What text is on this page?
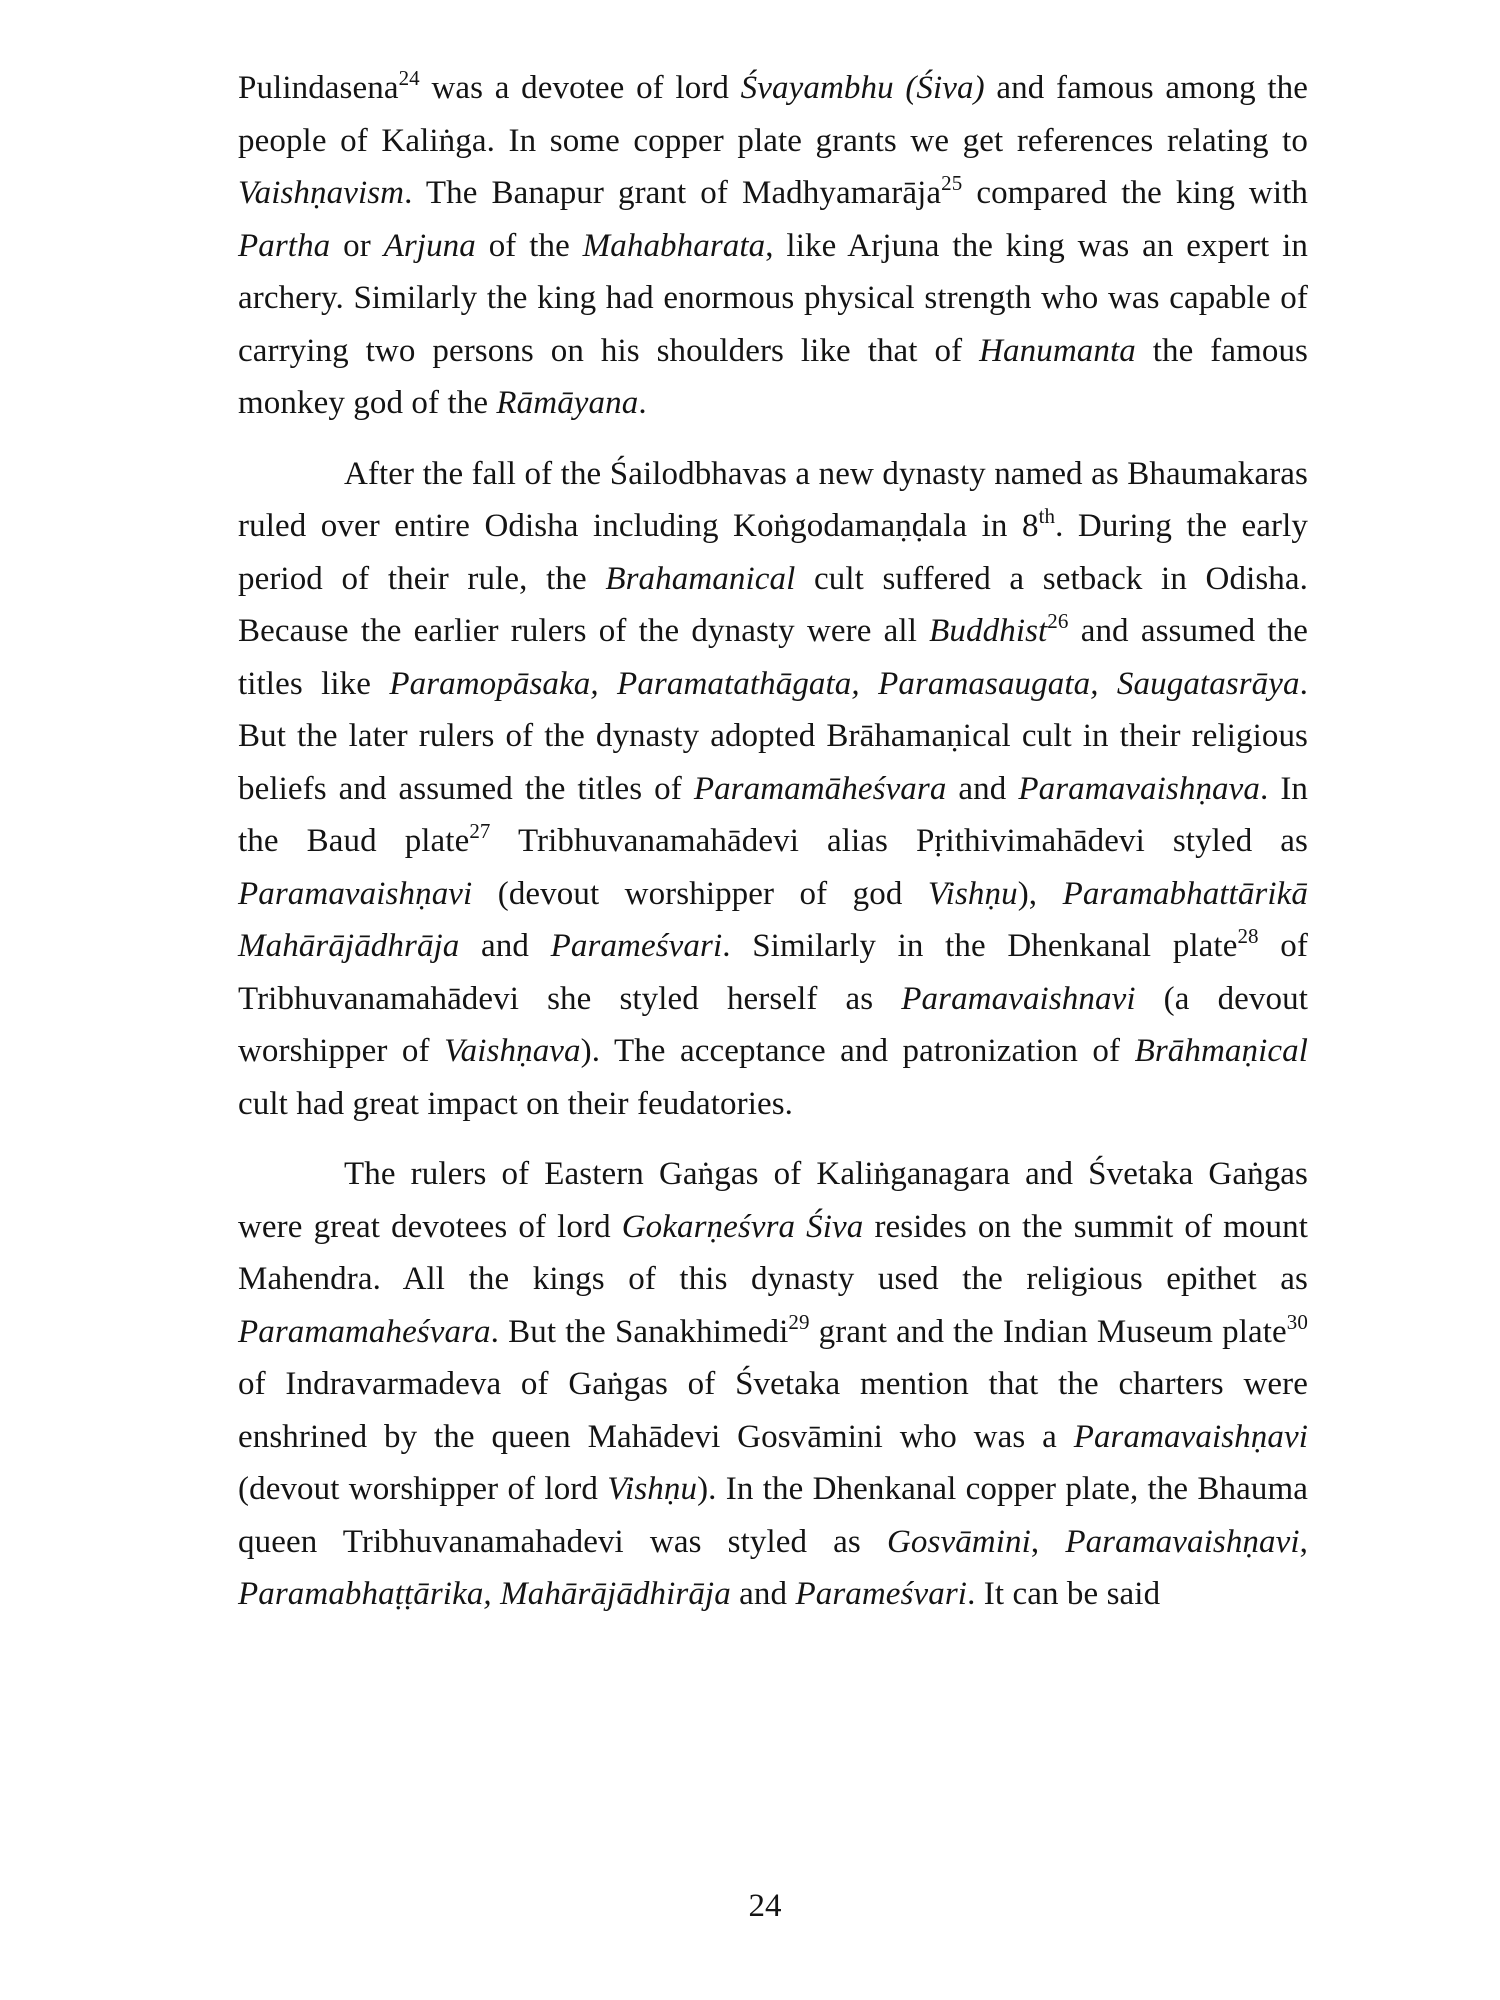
Pulindasena$^{24}$ was a devotee of lord Śvayambhu (Śiva) and famous among the people of Kaliṅga. In some copper plate grants we get references relating to Vaishṇavism. The Banapur grant of Madhyamarāja$^{25}$ compared the king with Partha or Arjuna of the Mahabharata, like Arjuna the king was an expert in archery. Similarly the king had enormous physical strength who was capable of carrying two persons on his shoulders like that of Hanumanta the famous monkey god of the Rāmāyana.

After the fall of the Śailodbhavas a new dynasty named as Bhaumakaras ruled over entire Odisha including Koṅgodamaṇḍala in 8th. During the early period of their rule, the Brahamanical cult suffered a setback in Odisha. Because the earlier rulers of the dynasty were all Buddhist$^{26}$ and assumed the titles like Paramopāsaka, Paramatathāgata, Paramasaugata, Saugatasrāya. But the later rulers of the dynasty adopted Brāhamaṇical cult in their religious beliefs and assumed the titles of Paramamāheśvara and Paramavaishṇava. In the Baud plate$^{27}$ Tribhuvanamahādevi alias Pṛithivimahādevi styled as Paramavaishṇavi (devout worshipper of god Vishṇu), Paramabhattārikā Mahārājādhrāja and Parameśvari. Similarly in the Dhenkanal plate$^{28}$ of Tribhuvanamahādevi she styled herself as Paramavaishnavi (a devout worshipper of Vaishṇava). The acceptance and patronization of Brāhmaṇical cult had great impact on their feudatories.

The rulers of Eastern Gaṅgas of Kaliṅganagara and Śvetaka Gaṅgas were great devotees of lord Gokarṇeśvra Śiva resides on the summit of mount Mahendra. All the kings of this dynasty used the religious epithet as Paramamaheśvara. But the Sanakhimedi$^{29}$ grant and the Indian Museum plate$^{30}$ of Indravarmadeva of Gaṅgas of Śvetaka mention that the charters were enshrined by the queen Mahādevi Gosvāmini who was a Paramavaishṇavi (devout worshipper of lord Vishṇu). In the Dhenkanal copper plate, the Bhauma queen Tribhuvanamahadevi was styled as Gosvāmini, Paramavaishṇavi, Paramabhaṭṭārika, Mahārājādhirāja and Parameśvari. It can be said

24
